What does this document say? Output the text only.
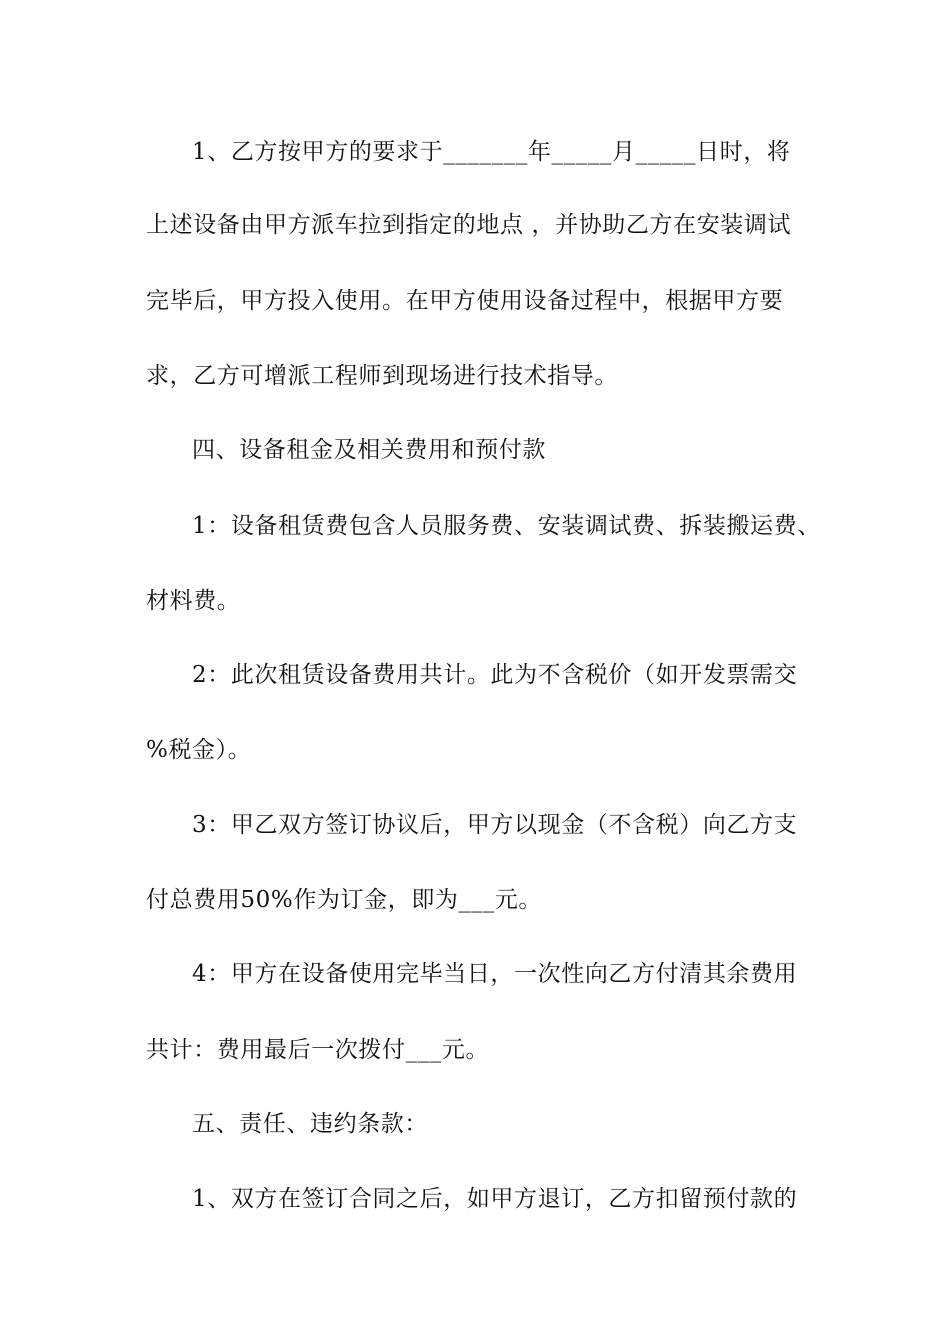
1、乙方按甲方的要求于_______年_____月_____日时，将
上述设备由甲方派车拉到指定的地点 ，并协助乙方在安装调试
完毕后，甲方投入使用。在甲方使用设备过程中，根据甲方要
求，乙方可增派工程师到现场进行技术指导。
四、设备租金及相关费用和预付款
1：设备租赁费包含人员服务费、安装调试费、拆装搬运费、
材料费。
2：此次租赁设备费用共计。此为不含税价（如开发票需交
%税金）。
3：甲乙双方签订协议后，甲方以现金（不含税）向乙方支
付总费用50%作为订金，即为___元。
4：甲方在设备使用完毕当日，一次性向乙方付清其余费用
共计：费用最后一次拨付___元。
五、责任、违约条款：
1、双方在签订合同之后，如甲方退订，乙方扣留预付款的
